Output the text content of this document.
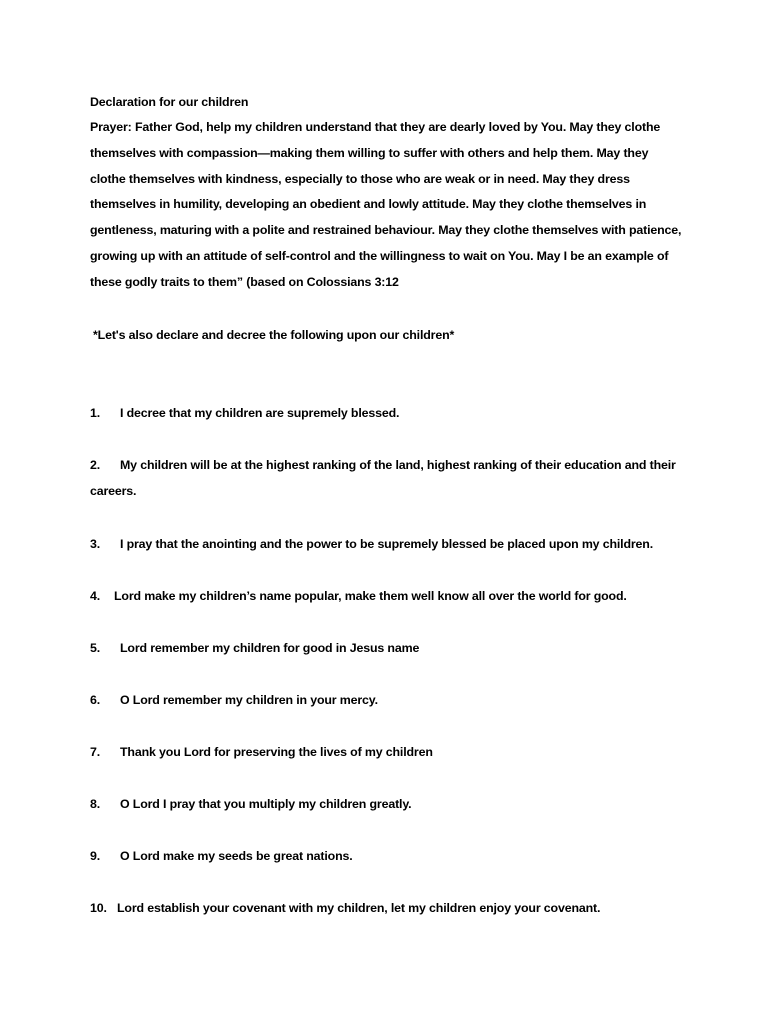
Declaration for our children

Prayer: Father God, help my children understand that they are dearly loved by You. May they clothe
themselves with compassion—making them willing to suffer with others and help them. May they
clothe themselves with kindness, especially to those who are weak or in need. May they dress
themselves in humility, developing an obedient and lowly attitude. May they clothe themselves in
gentleness, maturing with a polite and restrained behaviour. May they clothe themselves with patience,
growing up with an attitude of self-control and the willingness to wait on You. May I be an example of
these godly traits to them” (based on Colossians 3:12

*Let's also declare and decree the following upon our children*

1. I decree that my children are supremely blessed.

2. My children will be at the highest ranking of the land, highest ranking of their education and their

careers.

3. I pray that the anointing and the power to be supremely blessed be placed upon my children.

4. Lord make my children’s name popular, make them well know all over the world for good.

5. Lord remember my children for good in Jesus name

6. O Lord remember my children in your mercy.

7. Thank you Lord for preserving the lives of my children

8. O Lord I pray that you multiply my children greatly.

9. O Lord make my seeds be great nations.

10. Lord establish your covenant with my children, let my children enjoy your covenant.
